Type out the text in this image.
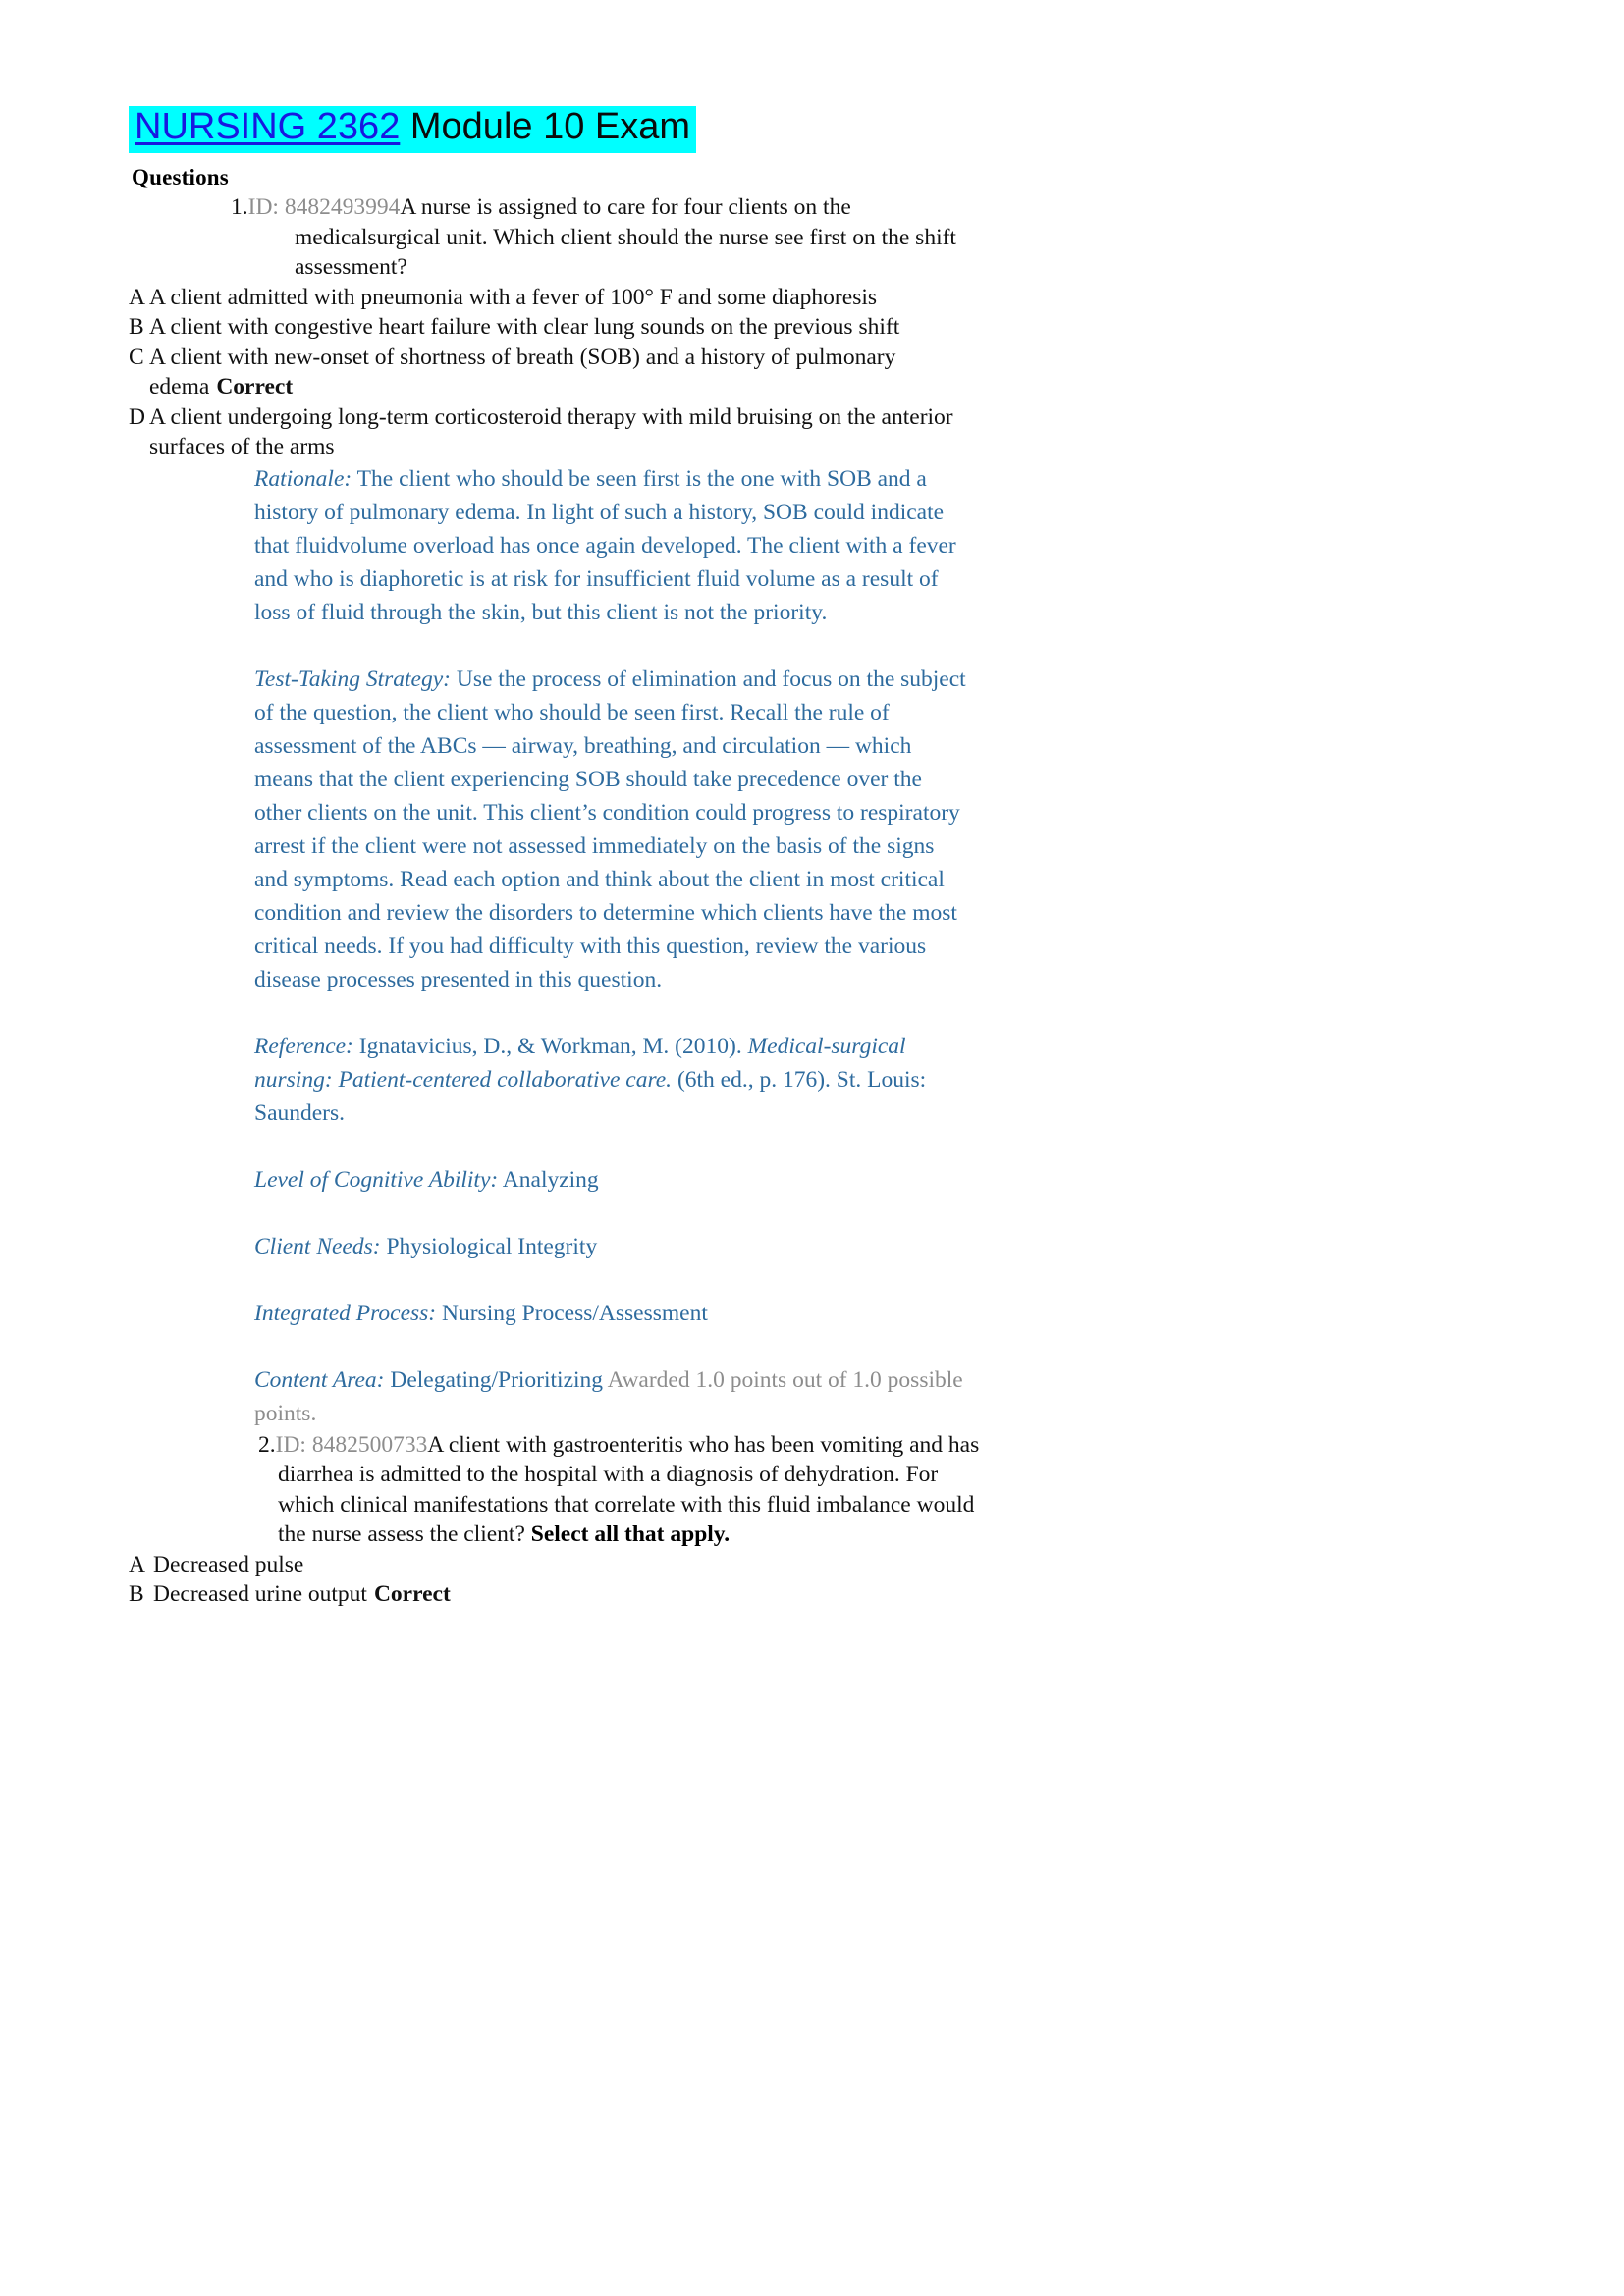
NURSING 2362 Module 10 Exam
Questions

1.ID: 8482493994A nurse is assigned to care for four clients on the medicalsurgical unit. Which client should the nurse see first on the shift assessment?

A A client admitted with pneumonia with a fever of 100° F and some diaphoresis
B A client with congestive heart failure with clear lung sounds on the previous shift
C A client with new-onset of shortness of breath (SOB) and a history of pulmonary edema Correct
D A client undergoing long-term corticosteroid therapy with mild bruising on the anterior surfaces of the arms

Rationale: The client who should be seen first is the one with SOB and a history of pulmonary edema. In light of such a history, SOB could indicate that fluidvolume overload has once again developed. The client with a fever and who is diaphoretic is at risk for insufficient fluid volume as a result of loss of fluid through the skin, but this client is not the priority.

Test-Taking Strategy: Use the process of elimination and focus on the subject of the question, the client who should be seen first. Recall the rule of assessment of the ABCs — airway, breathing, and circulation — which means that the client experiencing SOB should take precedence over the other clients on the unit. This client’s condition could progress to respiratory arrest if the client were not assessed immediately on the basis of the signs and symptoms. Read each option and think about the client in most critical condition and review the disorders to determine which clients have the most critical needs. If you had difficulty with this question, review the various disease processes presented in this question.

Reference: Ignatavicius, D., & Workman, M. (2010). Medical-surgical nursing: Patient-centered collaborative care. (6th ed., p. 176). St. Louis: Saunders.

Level of Cognitive Ability: Analyzing

Client Needs: Physiological Integrity

Integrated Process: Nursing Process/Assessment

Content Area: Delegating/Prioritizing Awarded 1.0 points out of 1.0 possible points.

2.ID: 8482500733A client with gastroenteritis who has been vomiting and has diarrhea is admitted to the hospital with a diagnosis of dehydration. For which clinical manifestations that correlate with this fluid imbalance would the nurse assess the client? Select all that apply.

A Decreased pulse
B Decreased urine output Correct
